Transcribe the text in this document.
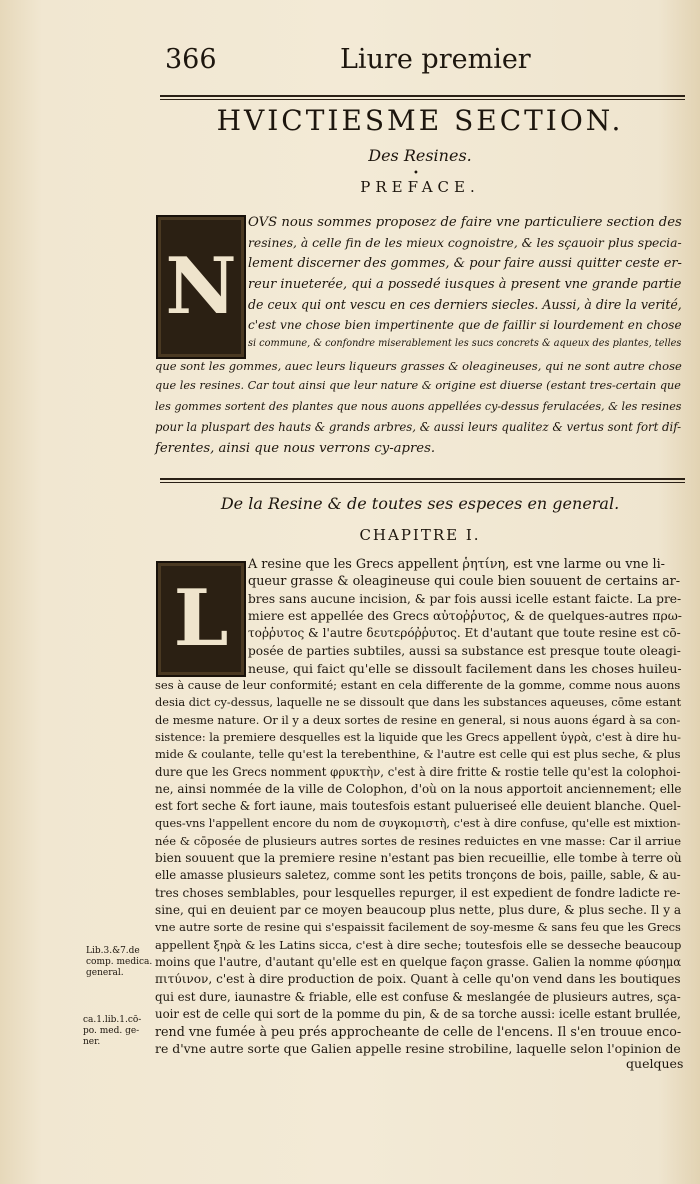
366	Liure premier
HVICTIESME SECTION.
Des Resines.
•
PREFACE.
N
OVS nous sommes proposez de faire vne particuliere section des
resines, à celle fin de les mieux cognoistre, & les sçauoir plus specia-
lement discerner des gommes, & pour faire aussi quitter ceste er-
reur inueterée, qui a possedé iusques à present vne grande partie
de ceux qui ont vescu en ces derniers siecles. Aussi, à dire la verité,
c'est vne chose bien impertinente que de faillir si lourdement en chose
si commune, & confondre miserablement les sucs concrets & aqueux des plantes, telles
que sont les gommes, auec leurs liqueurs grasses & oleagineuses, qui ne sont autre chose
que les resines. Car tout ainsi que leur nature & origine est diuerse (estant tres-certain que
les gommes sortent des plantes que nous auons appellées cy-dessus ferulacées, & les resines
pour la pluspart des hauts & grands arbres, & aussi leurs qualitez & vertus sont fort dif-
ferentes, ainsi que nous verrons cy-apres.
De la Resine & de toutes ses especes en general.
CHAPITRE I.
L
A resine que les Grecs appellent ῥητίνη, est vne larme ou vne li-
queur grasse & oleagineuse qui coule bien souuent de certains ar-
bres sans aucune incision, & par fois aussi icelle estant faicte. La pre-
miere est appellée des Grecs αὐτοῤῥυτος, & de quelques-autres πρω-
τοῤῥυτος & l'autre δευτερόῤῥυτος. Et d'autant que toute resine est cō-
posée de parties subtiles, aussi sa substance est presque toute oleagi-
neuse, qui faict qu'elle se dissoult facilement dans les choses huileu-
ses à cause de leur conformité; estant en cela differente de la gomme, comme nous auons
desia dict cy-dessus, laquelle ne se dissoult que dans les substances aqueuses, cōme estant
de mesme nature. Or il y a deux sortes de resine en general, si nous auons égard à sa con-
sistence: la premiere desquelles est la liquide que les Grecs appellent ὑγρὰ, c'est à dire hu-
mide & coulante, telle qu'est la terebenthine, & l'autre est celle qui est plus seche, & plus
dure que les Grecs nomment φρυκτὴν, c'est à dire fritte & rostie telle qu'est la colophoi-
ne, ainsi nommée de la ville de Colophon, d'où on la nous apportoit anciennement; elle
est fort seche & fort iaune, mais toutesfois estant pulueriseé elle deuient blanche. Quel-
ques-vns l'appellent encore du nom de συγκομιστὴ, c'est à dire confuse, qu'elle est mixtion-
née & cōposée de plusieurs autres sortes de resines reduictes en vne masse: Car il arriue
bien souuent que la premiere resine n'estant pas bien recueillie, elle tombe à terre où
elle amasse plusieurs saletez, comme sont les petits tronçons de bois, paille, sable, & au-
tres choses semblables, pour lesquelles repurger, il est expedient de fondre ladicte re-
sine, qui en deuient par ce moyen beaucoup plus nette, plus dure, & plus seche. Il y a
vne autre sorte de resine qui s'espaissit facilement de soy-mesme & sans feu que les Grecs
appellent ξηρὰ & les Latins sicca, c'est à dire seche; toutesfois elle se desseche beaucoup
moins que l'autre, d'autant qu'elle est en quelque façon grasse. Galien la nomme φύσημα
πιτύινον, c'est à dire production de poix. Quant à celle qu'on vend dans les boutiques
qui est dure, iaunastre & friable, elle est confuse & meslangée de plusieurs autres, sça-
uoir est de celle qui sort de la pomme du pin, & de sa torche aussi: icelle estant brullée,
rend vne fumée à peu prés approcheante de celle de l'encens. Il s'en trouue enco-
re d'vne autre sorte que Galien appelle resine strobiline, laquelle selon l'opinion de
Lib.3.&7.de
comp. medica.
general.
ca.1.lib.1.cō-
po. med. ge-
ner.
quelques
